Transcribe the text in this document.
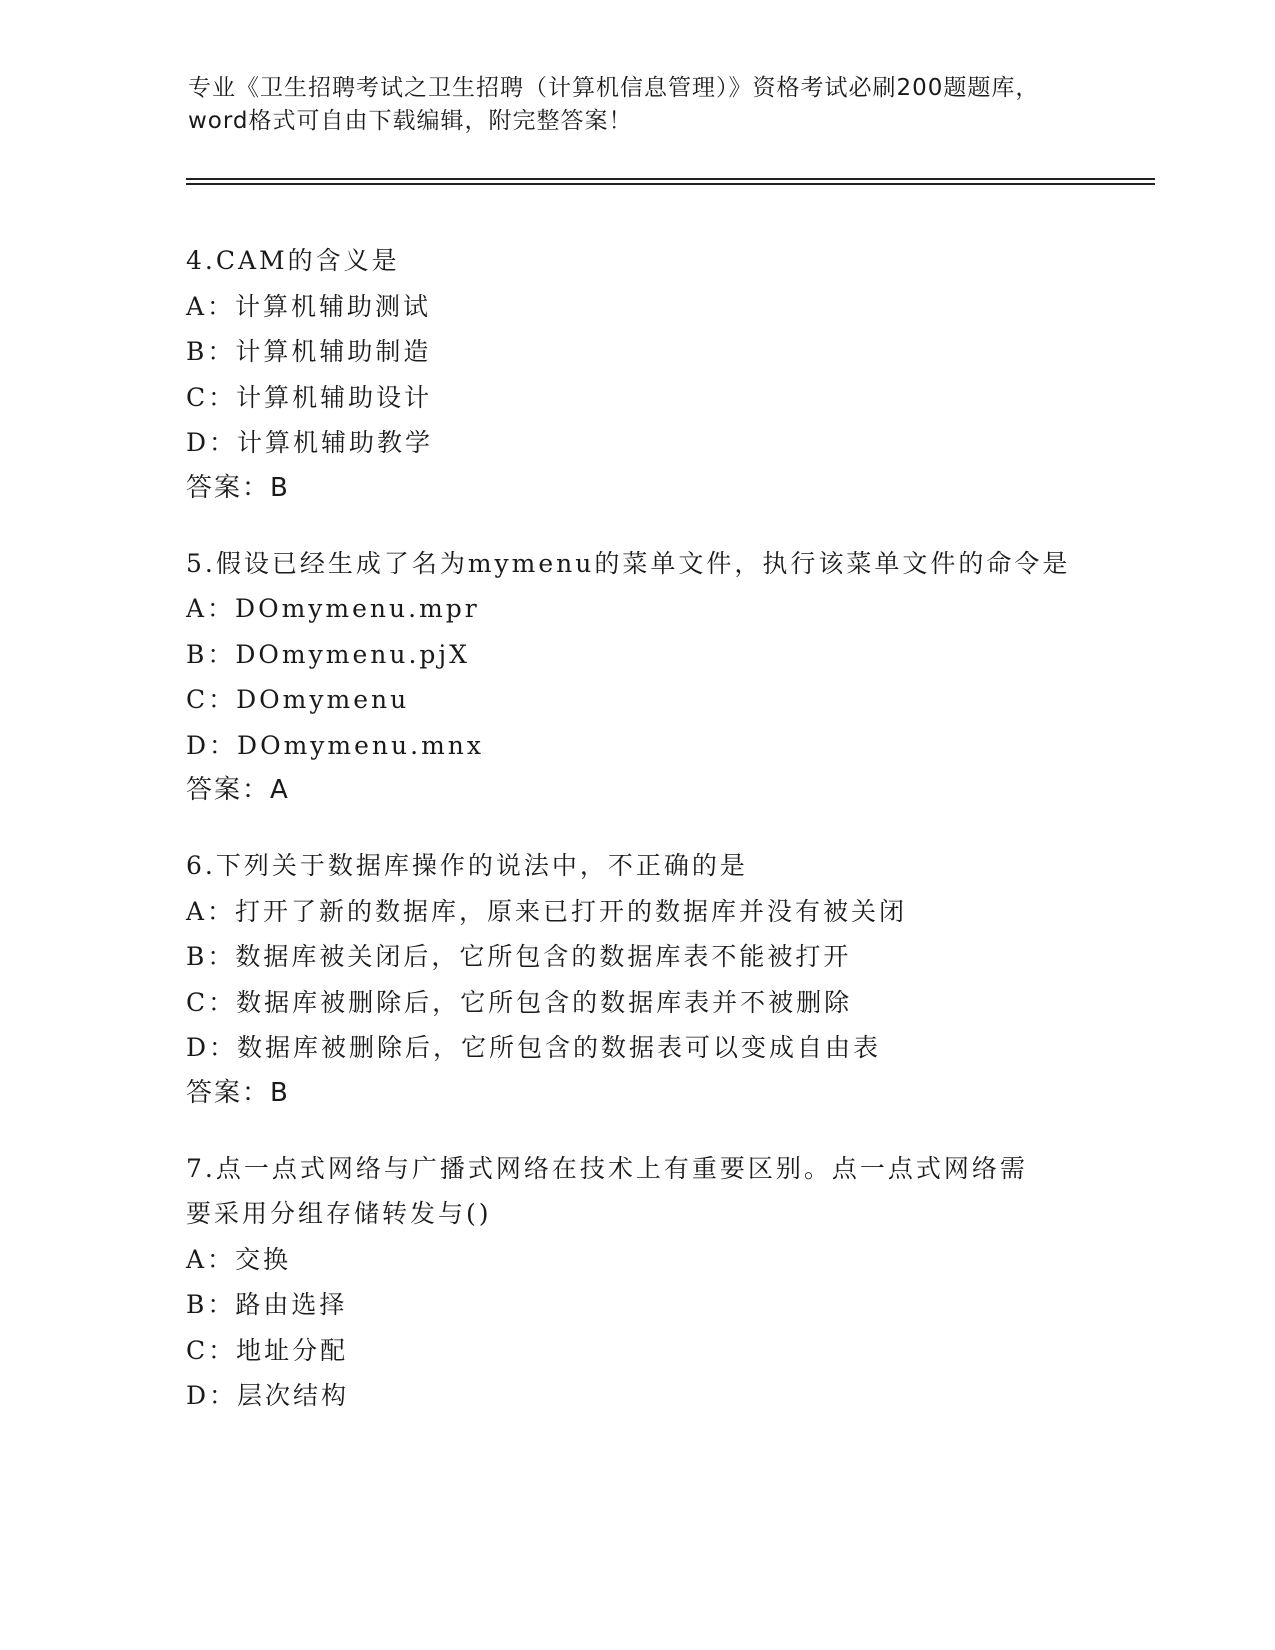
专业《卫生招聘考试之卫生招聘（计算机信息管理）》资格考试必刷200题题库，
word格式可自由下载编辑，附完整答案！
4.CAM的含义是
A：计算机辅助测试
B：计算机辅助制造
C：计算机辅助设计
D：计算机辅助教学
答案：B
5.假设已经生成了名为mymenu的菜单文件，执行该菜单文件的命令是
A：DOmymenu.mpr
B：DOmymenu.pjX
C：DOmymenu
D：DOmymenu.mnx
答案：A
6.下列关于数据库操作的说法中，不正确的是
A：打开了新的数据库，原来已打开的数据库并没有被关闭
B：数据库被关闭后，它所包含的数据库表不能被打开
C：数据库被删除后，它所包含的数据库表并不被删除
D：数据库被删除后，它所包含的数据表可以变成自由表
答案：B
7.点一点式网络与广播式网络在技术上有重要区别。点一点式网络需
要采用分组存储转发与()
A：交换
B：路由选择
C：地址分配
D：层次结构
